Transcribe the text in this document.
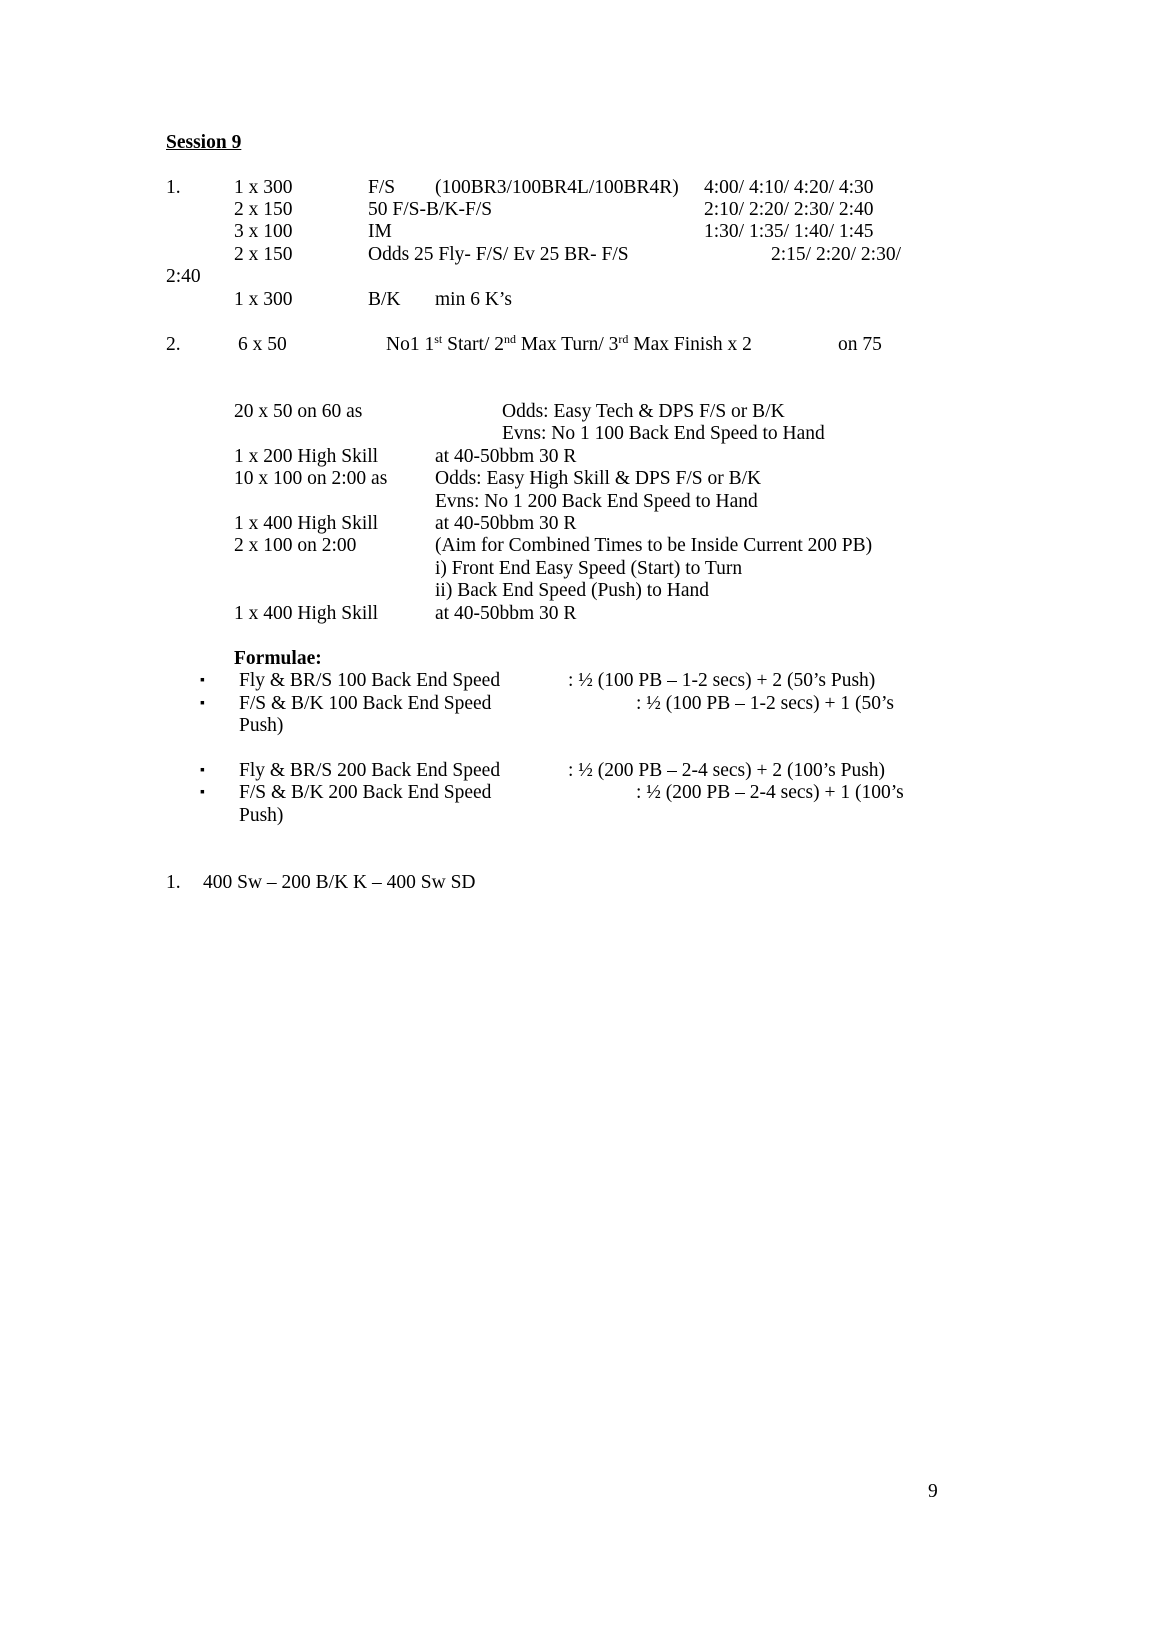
Session 9
1.	1 x 300	F/S (100BR3/100BR4L/100BR4R) 4:00/ 4:10/ 4:20/ 4:30
2 x 150	50 F/S-B/K-F/S	2:10/ 2:20/ 2:30/ 2:40
3 x 100	IM	1:30/ 1:35/ 1:40/ 1:45
2 x 150	Odds 25 Fly- F/S/ Ev 25 BR- F/S	2:15/ 2:20/ 2:30/
2:40
1 x 300	B/K min 6 K’s
2.	6 x 50	No1 1st Start/ 2nd Max Turn/ 3rd Max Finish x 2	on 75
20 x 50 on 60 as	Odds: Easy Tech & DPS F/S or B/K
Evns: No 1 100 Back End Speed to Hand
1 x 200 High Skill	at 40-50bbm 30 R
10 x 100 on 2:00 as Odds: Easy High Skill & DPS F/S or B/K
Evns: No 1 200 Back End Speed to Hand
1 x 400 High Skill	at 40-50bbm 30 R
2 x 100 on 2:00	(Aim for Combined Times to be Inside Current 200 PB)
i) Front End Easy Speed (Start) to Turn
ii) Back End Speed (Push) to Hand
1 x 400 High Skill	at 40-50bbm 30 R
Formulae:
▪ Fly & BR/S 100 Back End Speed	: ½ (100 PB – 1-2 secs) + 2 (50’s Push)
▪ F/S & B/K 100 Back End Speed	: ½ (100 PB – 1-2 secs) + 1 (50’s
Push)
▪ Fly & BR/S 200 Back End Speed	: ½ (200 PB – 2-4 secs) + 2 (100’s Push)
▪ F/S & B/K 200 Back End Speed	: ½ (200 PB – 2-4 secs) + 1 (100’s
Push)
1. 400 Sw – 200 B/K K – 400 Sw SD
9
